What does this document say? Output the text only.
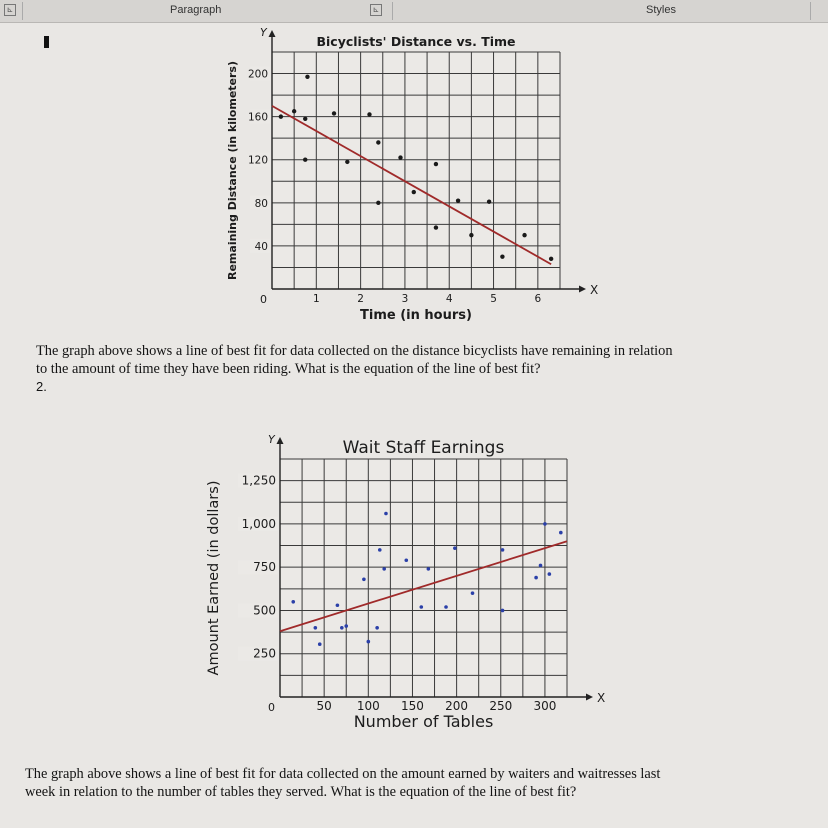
⊾	Paragraph	⊾	Styles
X
Y
0	1	2	3	4	5	6
40
80
120
160
200
Bicyclists' Distance vs. Time
Time (in hours)
Remaining Distance (in kilometers)
The graph above shows a line of best fit for data collected on the distance bicyclists have remaining in relation
to the amount of time they have been riding. What is the equation of the line of best fit?
2.
X
Y
0	50 100 150 200 250 300
250
500
750
1,000
1,250
Wait Staff Earnings
Number of Tables
Amount Earned (in dollars)
The graph above shows a line of best fit for data collected on the amount earned by waiters and waitresses last
week in relation to the number of tables they served. What is the equation of the line of best fit?
